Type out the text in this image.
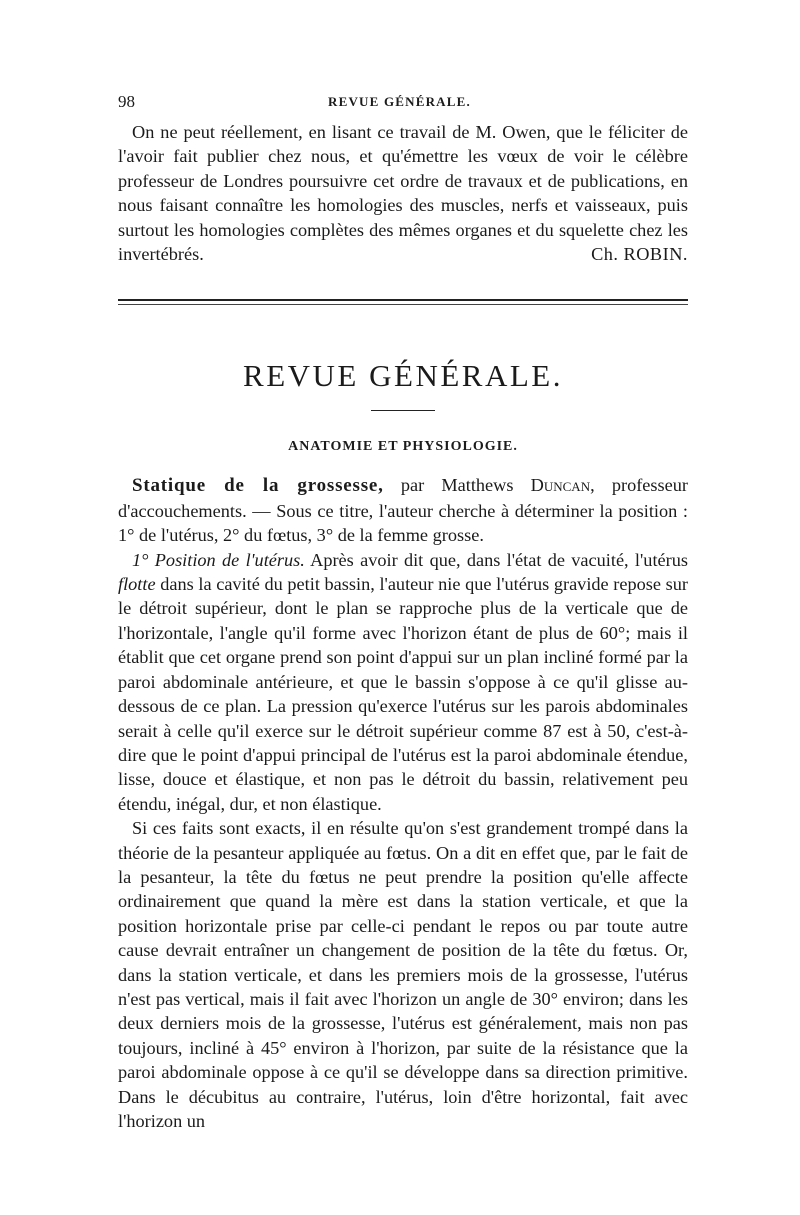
98	REVUE GÉNÉRALE.

On ne peut réellement, en lisant ce travail de M. Owen, que le féliciter de l'avoir fait publier chez nous, et qu'émettre les vœux de voir le célèbre professeur de Londres poursuivre cet ordre de travaux et de publications, en nous faisant connaître les homologies des muscles, nerfs et vaisseaux, puis surtout les homologies complètes des mêmes organes et du squelette chez les invertébrés.	Ch. ROBIN.

REVUE GÉNÉRALE.
ANATOMIE ET PHYSIOLOGIE.

Statique de la grossesse, par Matthews Duncan, professeur d'accouchements. — Sous ce titre, l'auteur cherche à déterminer la position : 1° de l'utérus, 2° du fœtus, 3° de la femme grosse.

1° Position de l'utérus. Après avoir dit que, dans l'état de vacuité, l'utérus flotte dans la cavité du petit bassin, l'auteur nie que l'utérus gravide repose sur le détroit supérieur, dont le plan se rapproche plus de la verticale que de l'horizontale, l'angle qu'il forme avec l'horizon étant de plus de 60°; mais il établit que cet organe prend son point d'appui sur un plan incliné formé par la paroi abdominale antérieure, et que le bassin s'oppose à ce qu'il glisse au-dessous de ce plan. La pression qu'exerce l'utérus sur les parois abdominales serait à celle qu'il exerce sur le détroit supérieur comme 87 est à 50, c'est-à-dire que le point d'appui principal de l'utérus est la paroi abdominale étendue, lisse, douce et élastique, et non pas le détroit du bassin, relativement peu étendu, inégal, dur, et non élastique.

Si ces faits sont exacts, il en résulte qu'on s'est grandement trompé dans la théorie de la pesanteur appliquée au fœtus. On a dit en effet que, par le fait de la pesanteur, la tête du fœtus ne peut prendre la position qu'elle affecte ordinairement que quand la mère est dans la station verticale, et que la position horizontale prise par celle-ci pendant le repos ou par toute autre cause devrait entraîner un changement de position de la tête du fœtus. Or, dans la station verticale, et dans les premiers mois de la grossesse, l'utérus n'est pas vertical, mais il fait avec l'horizon un angle de 30° environ; dans les deux derniers mois de la grossesse, l'utérus est généralement, mais non pas toujours, incliné à 45° environ à l'horizon, par suite de la résistance que la paroi abdominale oppose à ce qu'il se développe dans sa direction primitive. Dans le décubitus au contraire, l'utérus, loin d'être horizontal, fait avec l'horizon un
